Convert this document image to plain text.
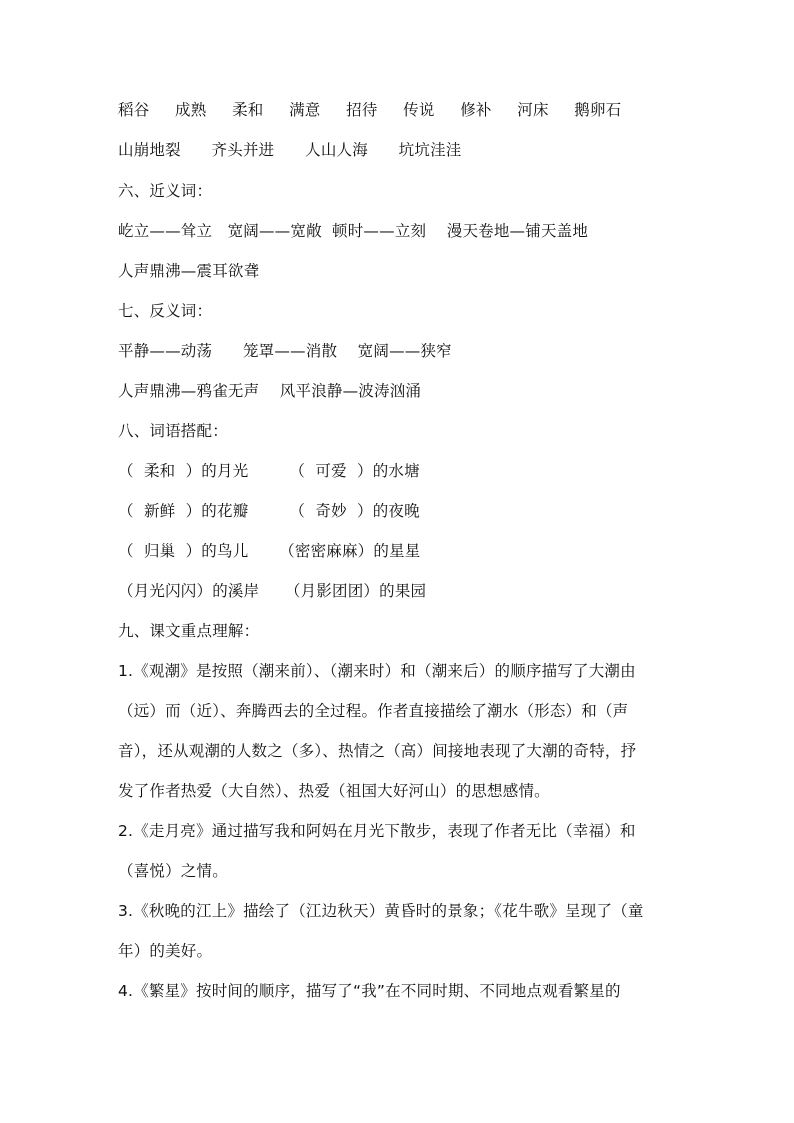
稻谷     成熟     柔和     满意     招待     传说     修补     河床     鹅卵石
山崩地裂      齐头并进      人山人海      坑坑洼洼
六、近义词：
屹立——耸立   宽阔——宽敞  顿时——立刻    漫天卷地—铺天盖地
人声鼎沸—震耳欲聋
七、反义词：
平静——动荡      笼罩——消散    宽阔——狭窄
人声鼎沸—鸦雀无声    风平浪静—波涛汹涌
八、词语搭配：
（  柔和  ）的月光        （  可爱  ）的水塘
（  新鲜  ）的花瓣        （  奇妙  ）的夜晚
（  归巢  ）的鸟儿      （密密麻麻）的星星
（月光闪闪）的溪岸     （月影团团）的果园
九、课文重点理解：
1.《观潮》是按照（潮来前）、（潮来时）和（潮来后）的顺序描写了大潮由
（远）而（近）、奔腾西去的全过程。作者直接描绘了潮水（形态）和（声
音），还从观潮的人数之（多）、热情之（高）间接地表现了大潮的奇特，抒
发了作者热爱（大自然）、热爱（祖国大好河山）的思想感情。
2.《走月亮》通过描写我和阿妈在月光下散步，表现了作者无比（幸福）和
（喜悦）之情。
3.《秋晚的江上》描绘了（江边秋天）黄昏时的景象；《花牛歌》呈现了（童
年）的美好。
4.《繁星》按时间的顺序，描写了“我”在不同时期、不同地点观看繁星的
